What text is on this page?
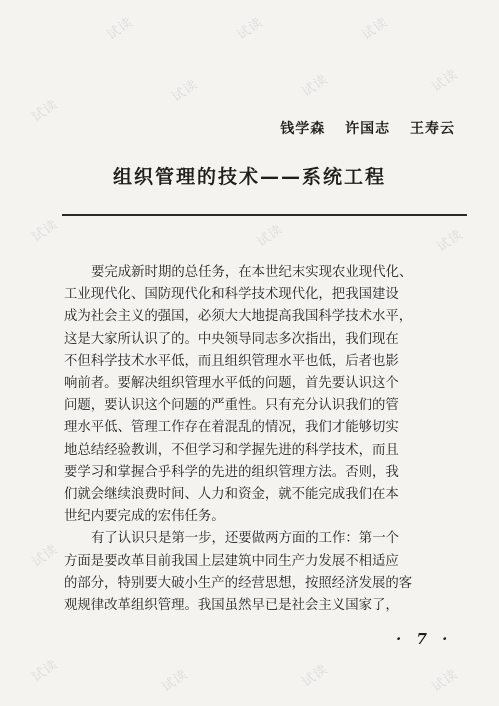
试读	试读	试读
试读
试读	试读	试读
试读	试读	试读
试读
试读	试读	试读	试读
钱学森 许国志 王寿云
组织管理的技术——系统工程
要完成新时期的总任务，在本世纪末实现农业现代化、
工业现代化、国防现代化和科学技术现代化，把我国建设
成为社会主义的强国，必须大大地提高我国科学技术水平，
这是大家所认识了的。中央领导同志多次指出，我们现在
不但科学技术水平低，而且组织管理水平也低，后者也影
响前者。要解决组织管理水平低的问题，首先要认识这个
问题，要认识这个问题的严重性。只有充分认识我们的管
理水平低、管理工作存在着混乱的情况，我们才能够切实
地总结经验教训，不但学习和学握先进的科学技术，而且
要学习和掌握合乎科学的先进的组织管理方法。否则，我
们就会继续浪费时间、人力和资金，就不能完成我们在本
世纪内要完成的宏伟任务。
有了认识只是第一步，还要做两方面的工作：第一个
方面是要改革目前我国上层建筑中同生产力发展不相适应
的部分，特别要大破小生产的经营思想，按照经济发展的客
观规律改革组织管理。我国虽然早已是社会主义国家了，
· 7 ·
